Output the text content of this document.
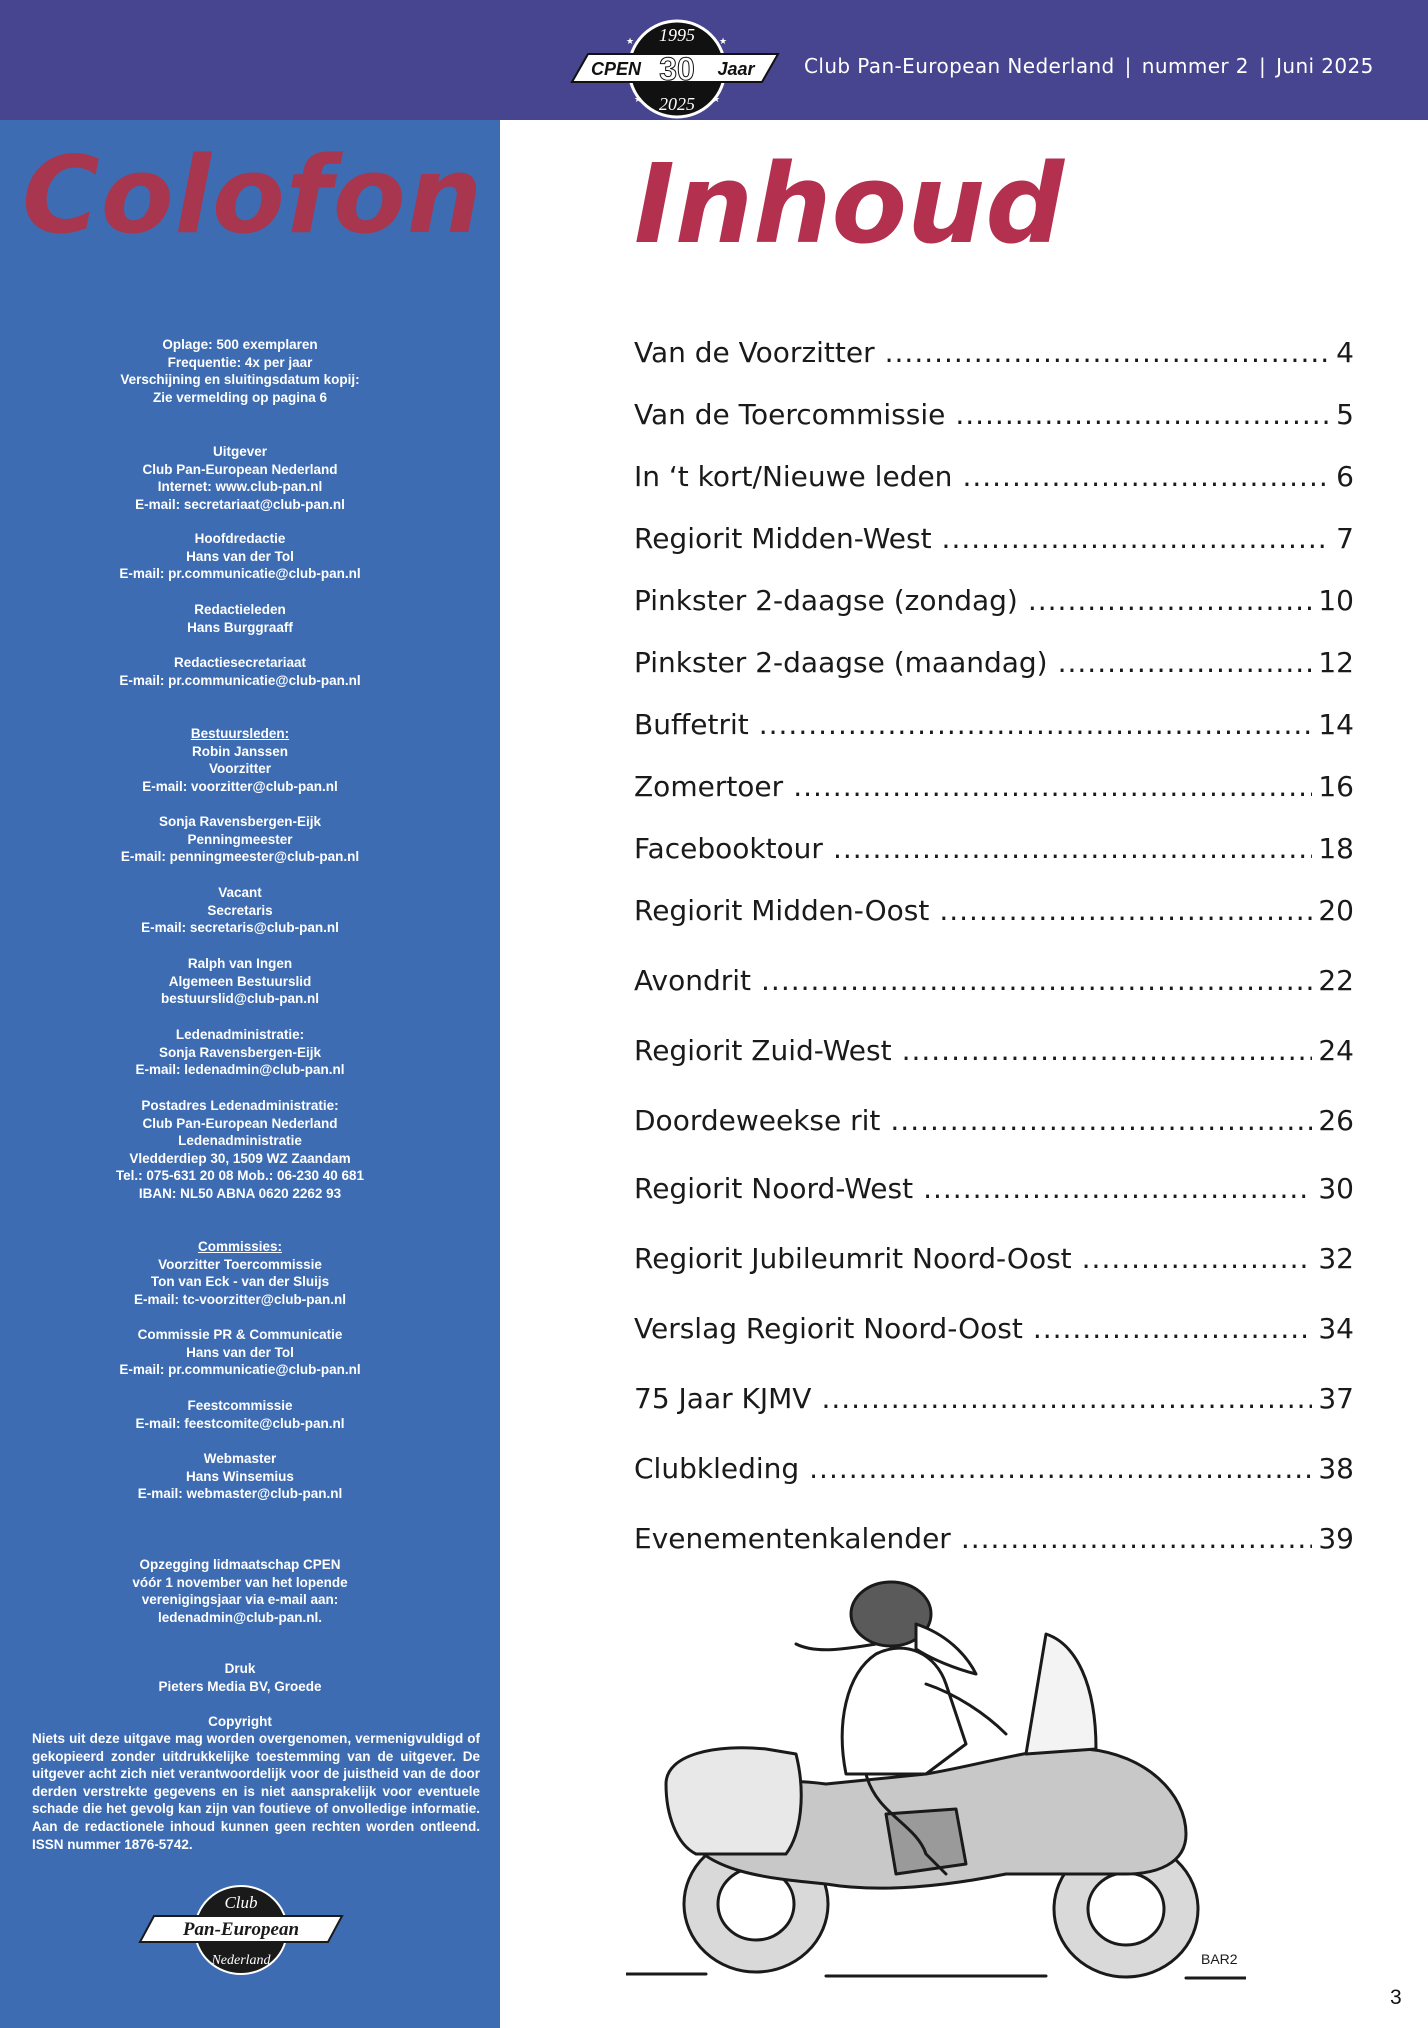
1995
2025
CPEN 30 Jaar
★	★
★	★
Club Pan-European Nederland | nummer 2 | Juni 2025
Colofon
Oplage: 500 exemplaren
Frequentie: 4x per jaar
Verschijning en sluitingsdatum kopij:
Zie vermelding op pagina 6
Uitgever
Club Pan-European Nederland
Internet: www.club-pan.nl
E-mail: secretariaat@club-pan.nl
Hoofdredactie
Hans van der Tol
E-mail: pr.communicatie@club-pan.nl
Redactieleden
Hans Burggraaff
Redactiesecretariaat
E-mail: pr.communicatie@club-pan.nl
Bestuursleden:
Robin Janssen
Voorzitter
E-mail: voorzitter@club-pan.nl
Sonja Ravensbergen-Eijk
Penningmeester
E-mail: penningmeester@club-pan.nl
Vacant
Secretaris
E-mail: secretaris@club-pan.nl
Ralph van Ingen
Algemeen Bestuurslid
bestuurslid@club-pan.nl
Ledenadministratie:
Sonja Ravensbergen-Eijk
E-mail: ledenadmin@club-pan.nl
Postadres Ledenadministratie:
Club Pan-European Nederland
Ledenadministratie
Vledderdiep 30, 1509 WZ Zaandam
Tel.: 075-631 20 08 Mob.: 06-230 40 681
IBAN: NL50 ABNA 0620 2262 93
Commissies:
Voorzitter Toercommissie
Ton van Eck - van der Sluijs
E-mail: tc-voorzitter@club-pan.nl
Commissie PR & Communicatie
Hans van der Tol
E-mail: pr.communicatie@club-pan.nl
Feestcommissie
E-mail: feestcomite@club-pan.nl
Webmaster
Hans Winsemius
E-mail: webmaster@club-pan.nl
Opzegging lidmaatschap CPEN
vóór 1 november van het lopende
verenigingsjaar via e-mail aan:
ledenadmin@club-pan.nl.
Druk
Pieters Media BV, Groede
Copyright
Niets uit deze uitgave mag worden overgenomen, vermenigvuldigd of gekopieerd zonder uitdrukkelijke toestemming van de uitgever. De uitgever acht zich niet verantwoordelijk voor de juistheid van de door derden verstrekte gegevens en is niet aansprakelijk voor eventuele schade die het gevolg kan zijn van foutieve of onvolledige informatie. Aan de redactionele inhoud kunnen geen rechten worden ontleend. ISSN nummer 1876-5742.
Club
Pan-European
Nederland
Inhoud
Van de Voorzitter .....	4
Van de Toercommissie .....	5
In ‘t kort/Nieuwe leden .....	6
Regiorit Midden-West .....	7
Pinkster 2-daagse (zondag) .....	10
Pinkster 2-daagse (maandag) .....	12
Buffetrit .....	14
Zomertoer .....	16
Facebooktour .....	18
Regiorit Midden-Oost .....	20
Avondrit .....	22
Regiorit Zuid-West .....	24
Doordeweekse rit .....	26
Regiorit Noord-West .....	30
Regiorit Jubileumrit Noord-Oost .....	32
Verslag Regiorit Noord-Oost .....	34
75 Jaar KJMV .....	37
Clubkleding .....	38
Evenementenkalender .....	39
BAR2
3
